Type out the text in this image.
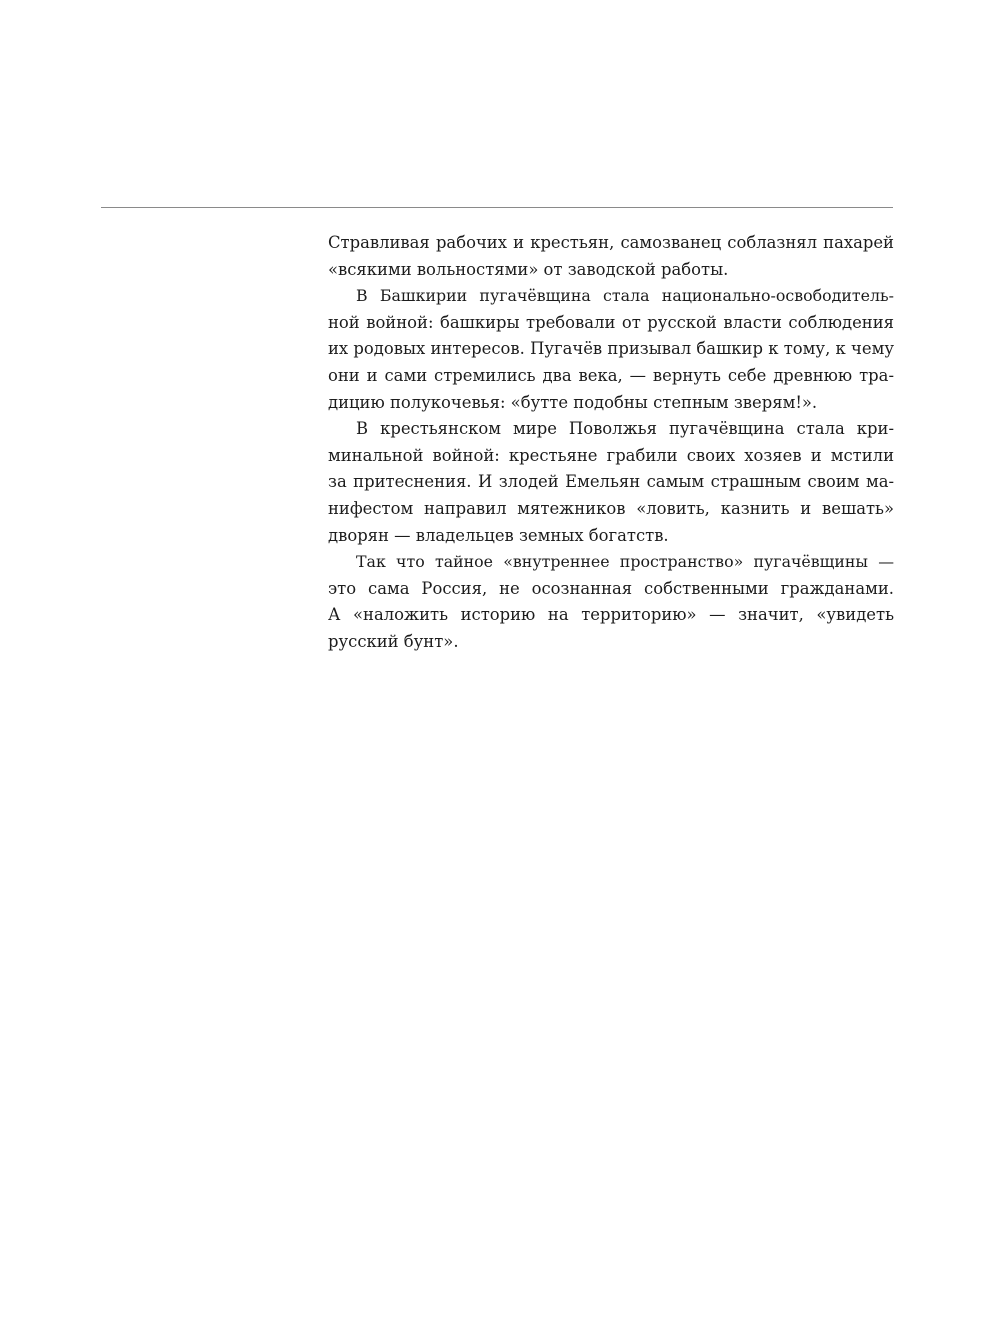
Стравливая рабочих и крестьян, самозванец соблазнял пахарей
«всякими вольностями» от заводской работы.
В Башкирии пугачёвщина стала национально-освободитель-
ной войной: башкиры требовали от русской власти соблюдения
их родовых интересов. Пугачёв призывал башкир к тому, к чему
они и сами стремились два века, — вернуть себе древнюю тра-
дицию полукочевья: «бутте подобны степным зверям!».
В крестьянском мире Поволжья пугачёвщина стала кри-
минальной войной: крестьяне грабили своих хозяев и мстили
за притеснения. И злодей Емельян самым страшным своим ма-
нифестом направил мятежников «ловить, казнить и вешать»
дворян — владельцев земных богатств.
Так что тайное «внутреннее пространство» пугачёвщины —
это сама Россия, не осознанная собственными гражданами.
А «наложить историю на территорию» — значит, «увидеть
русский бунт».
